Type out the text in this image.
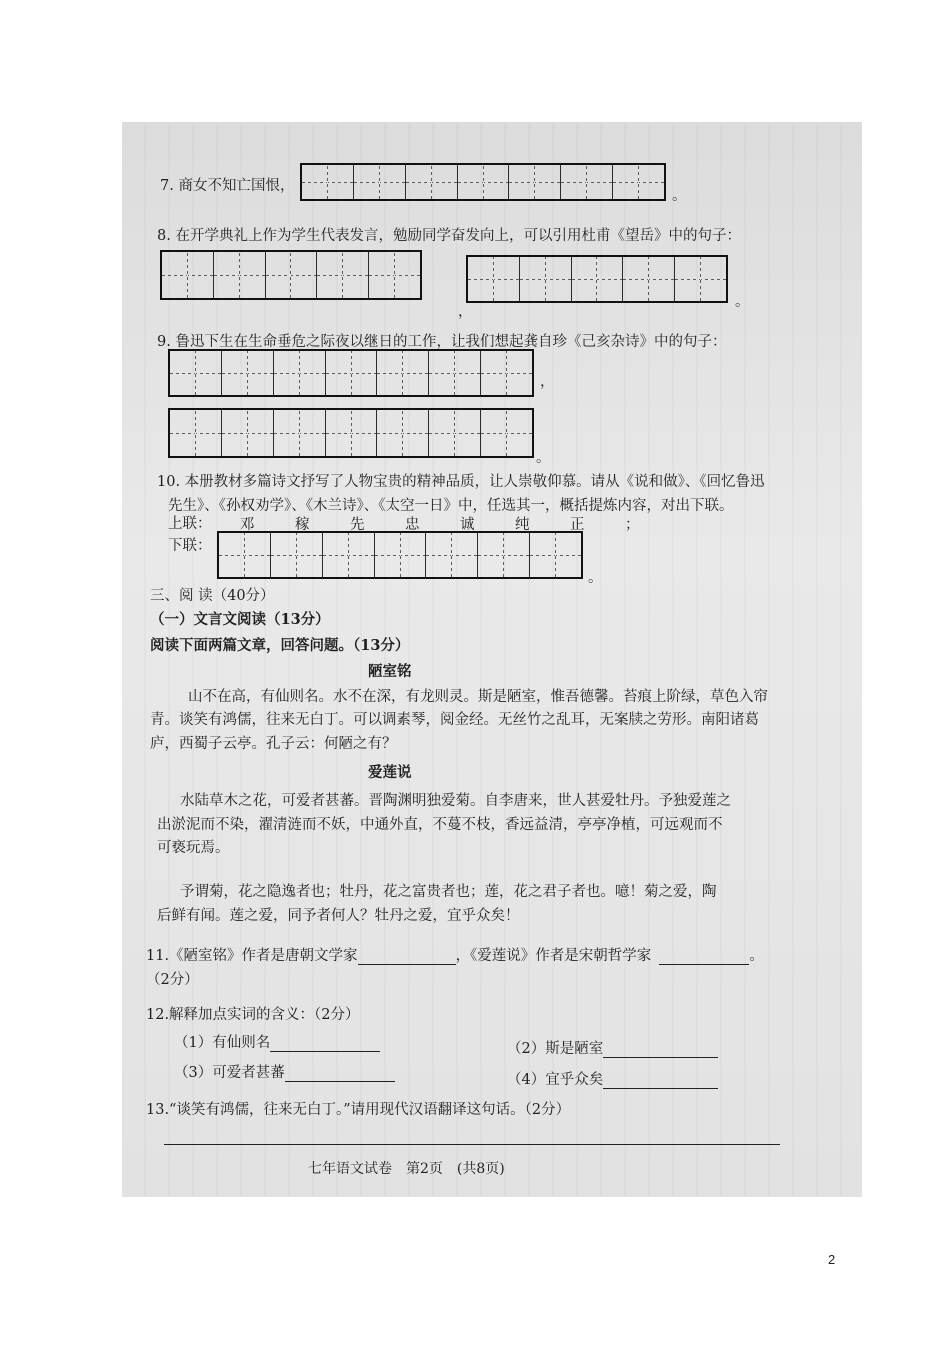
7. 商女不知亡国恨，
。
8. 在开学典礼上作为学生代表发言，勉励同学奋发向上，可以引用杜甫《望岳》中的句子：
，
。
9. 鲁迅下生在生命垂危之际夜以继日的工作，让我们想起龚自珍《己亥杂诗》中的句子：
，
。
10. 本册教材多篇诗文抒写了人物宝贵的精神品质，让人崇敬仰慕。请从《说和做》、《回忆鲁迅
先生》、《孙权劝学》、《木兰诗》、《太空一日》中，任选其一，概括提炼内容，对出下联。
上联： 邓	稼	先	忠	诚	纯	正	；
下联：
。
三、阅 读（40分）
（一）文言文阅读（13分）
阅读下面两篇文章，回答问题。（13分）
陋室铭
山不在高，有仙则名。水不在深，有龙则灵。斯是陋室，惟吾德馨。苔痕上阶绿，草色入帘
青。谈笑有鸿儒，往来无白丁。可以调素琴，阅金经。无丝竹之乱耳，无案牍之劳形。南阳诸葛
庐，西蜀子云亭。孔子云：何陋之有？
爱莲说
水陆草木之花，可爱者甚蕃。晋陶渊明独爱菊。自李唐来，世人甚爱牡丹。予独爱莲之
出淤泥而不染，濯清涟而不妖，中通外直，不蔓不枝，香远益清，亭亭净植，可远观而不
可亵玩焉。
予谓菊，花之隐逸者也；牡丹，花之富贵者也；莲，花之君子者也。噫！菊之爱，陶
后鲜有闻。莲之爱，同予者何人？牡丹之爱，宜乎众矣！
11.《陋室铭》作者是唐朝文学家	，《爱莲说》作者是宋朝哲学家	。
（2分）
12.解释加点实词的含义：（2分）
（1）有仙则名	（2）斯是陋室
（3）可爱者甚蕃	（4）宜乎众矣
13.“谈笑有鸿儒，往来无白丁。”请用现代汉语翻译这句话。（2分）
七年语文试卷　第2页　(共8页)
2
